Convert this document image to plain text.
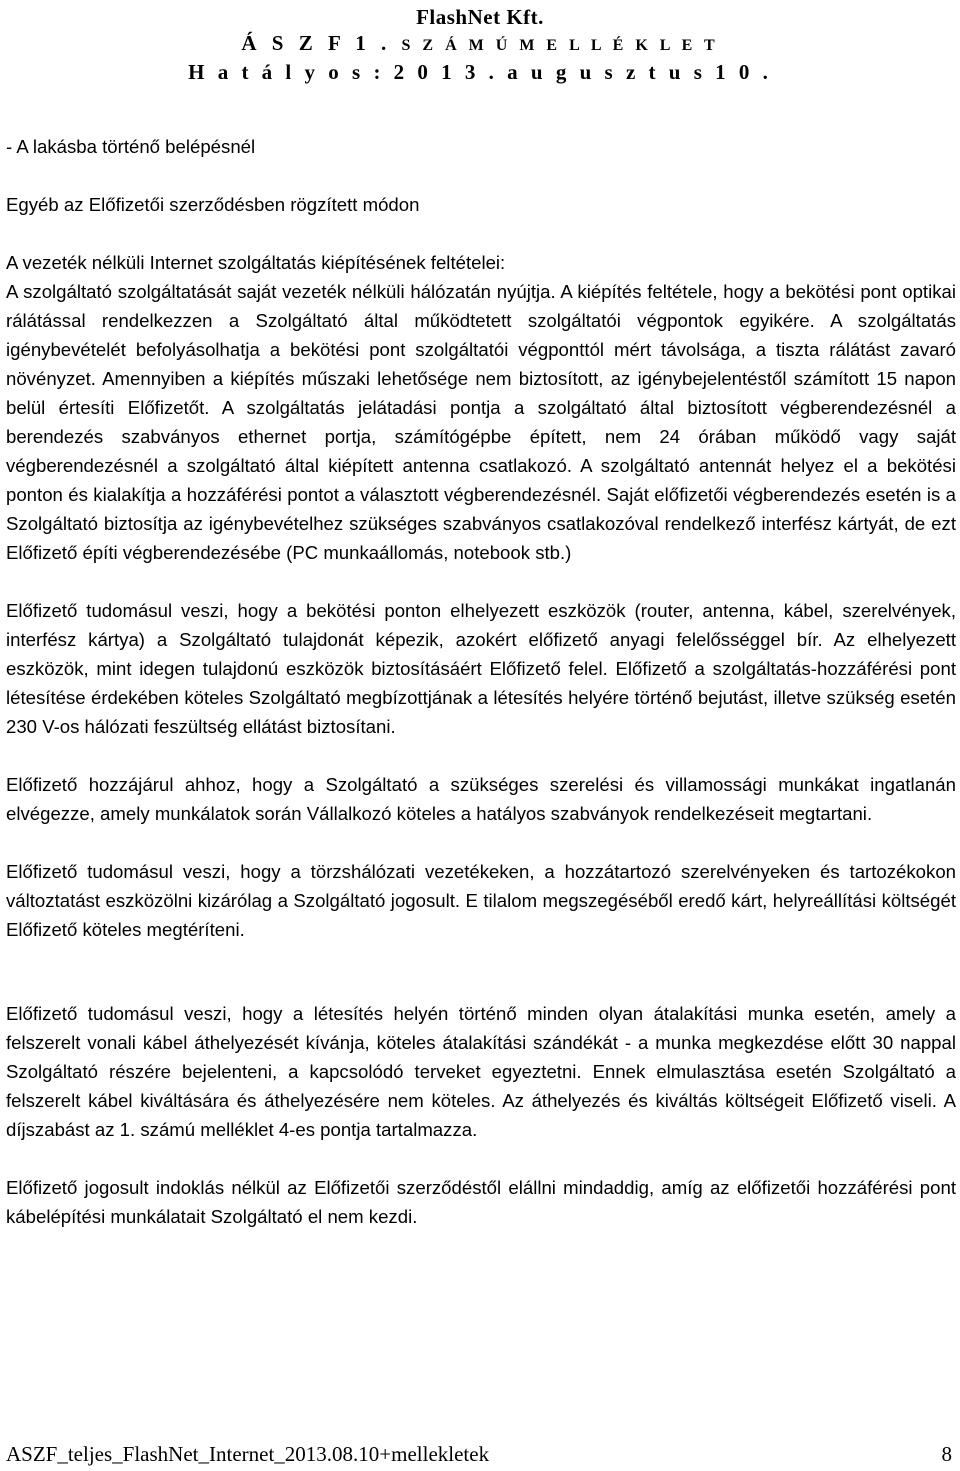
FlashNet Kft.
Á S Z F 1 . S Z Á M Ú M E L L É K L E T
H a t á l y o s : 2 0 1 3 . a u g u s z t u s 1 0 .

- A lakásba történő belépésnél

Egyéb az Előfizetői szerződésben rögzített módon

A vezeték nélküli Internet szolgáltatás kiépítésének feltételei:

A szolgáltató szolgáltatását saját vezeték nélküli hálózatán nyújtja. A kiépítés feltétele, hogy a bekötési pont optikai rálátással rendelkezzen a Szolgáltató által működtetett szolgáltatói végpontok egyikére. A szolgáltatás igénybevételét befolyásolhatja a bekötési pont szolgáltatói végponttól mért távolsága, a tiszta rálátást zavaró növényzet. Amennyiben a kiépítés műszaki lehetősége nem biztosított, az igénybejelentéstől számított 15 napon belül értesíti Előfizetőt. A szolgáltatás jelátadási pontja a szolgáltató által biztosított végberendezésnél a berendezés szabványos ethernet portja, számítógépbe épített, nem 24 órában működő vagy saját végberendezésnél a szolgáltató által kiépített antenna csatlakozó. A szolgáltató antennát helyez el a bekötési ponton és kialakítja a hozzáférési pontot a választott végberendezésnél. Saját előfizetői végberendezés esetén is a Szolgáltató biztosítja az igénybevételhez szükséges szabványos csatlakozóval rendelkező interfész kártyát, de ezt Előfizető építi végberendezésébe (PC munkaállomás, notebook stb.)

Előfizető tudomásul veszi, hogy a bekötési ponton elhelyezett eszközök (router, antenna, kábel, szerelvények, interfész kártya) a Szolgáltató tulajdonát képezik, azokért előfizető anyagi felelősséggel bír. Az elhelyezett eszközök, mint idegen tulajdonú eszközök biztosításáért Előfizető felel. Előfizető a szolgáltatás-hozzáférési pont létesítése érdekében köteles Szolgáltató megbízottjának a létesítés helyére történő bejutást, illetve szükség esetén 230 V-os hálózati feszültség ellátást biztosítani.

Előfizető hozzájárul ahhoz, hogy a Szolgáltató a szükséges szerelési és villamossági munkákat ingatlanán elvégezze, amely munkálatok során Vállalkozó köteles a hatályos szabványok rendelkezéseit megtartani.

Előfizető tudomásul veszi, hogy a törzshálózati vezetékeken, a hozzátartozó szerelvényeken és tartozékokon változtatást eszközölni kizárólag a Szolgáltató jogosult. E tilalom megszegéséből eredő kárt, helyreállítási költségét Előfizető köteles megtéríteni.

Előfizető tudomásul veszi, hogy a létesítés helyén történő minden olyan átalakítási munka esetén, amely a felszerelt vonali kábel áthelyezését kívánja, köteles átalakítási szándékát - a munka megkezdése előtt 30 nappal Szolgáltató részére bejelenteni, a kapcsolódó terveket egyeztetni. Ennek elmulasztása esetén Szolgáltató a felszerelt kábel kiváltására és áthelyezésére nem köteles. Az áthelyezés és kiváltás költségeit Előfizető viseli. A díjszabást az 1. számú melléklet 4-es pontja tartalmazza.

Előfizető jogosult indoklás nélkül az Előfizetői szerződéstől elállni mindaddig, amíg az előfizetői hozzáférési pont kábelépítési munkálatait Szolgáltató el nem kezdi.

ASZF_teljes_FlashNet_Internet_2013.08.10+mellekletek	8
